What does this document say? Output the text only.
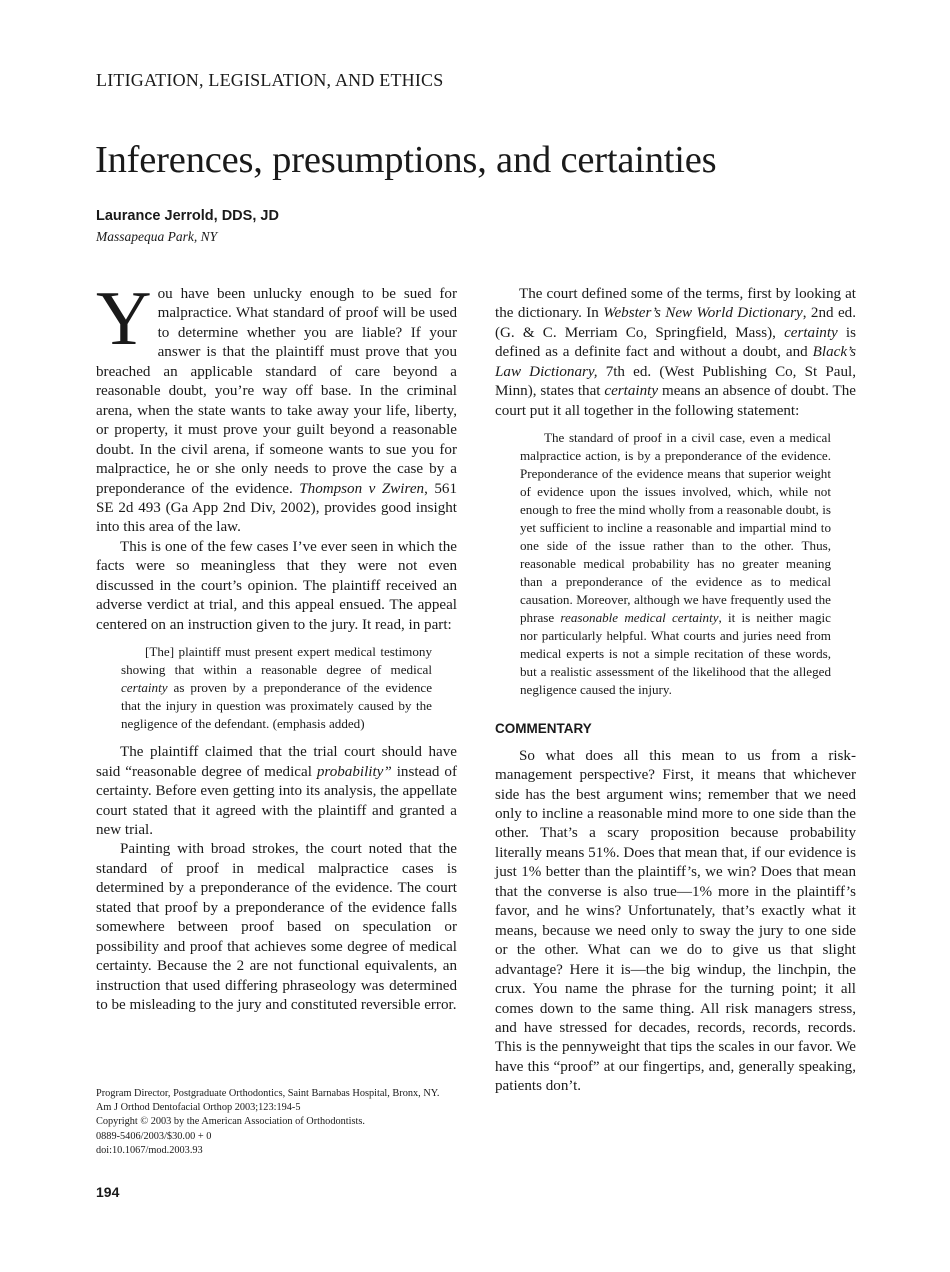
LITIGATION, LEGISLATION, AND ETHICS
Inferences, presumptions, and certainties
Laurance Jerrold, DDS, JD
Massapequa Park, NY

You have been unlucky enough to be sued for malpractice. What standard of proof will be used to determine whether you are liable? If your answer is that the plaintiff must prove that you breached an applicable standard of care beyond a reasonable doubt, you’re way off base. In the criminal arena, when the state wants to take away your life, liberty, or property, it must prove your guilt beyond a reasonable doubt. In the civil arena, if someone wants to sue you for malpractice, he or she only needs to prove the case by a preponderance of the evidence. Thompson v Zwiren, 561 SE 2d 493 (Ga App 2nd Div, 2002), provides good insight into this area of the law.

This is one of the few cases I’ve ever seen in which the facts were so meaningless that they were not even discussed in the court’s opinion. The plaintiff received an adverse verdict at trial, and this appeal ensued. The appeal centered on an instruction given to the jury. It read, in part:

[The] plaintiff must present expert medical testimony showing that within a reasonable degree of medical certainty as proven by a preponderance of the evidence that the injury in question was proximately caused by the negligence of the defendant. (emphasis added)

The plaintiff claimed that the trial court should have said “reasonable degree of medical probability” instead of certainty. Before even getting into its analysis, the appellate court stated that it agreed with the plaintiff and granted a new trial.

Painting with broad strokes, the court noted that the standard of proof in medical malpractice cases is determined by a preponderance of the evidence. The court stated that proof by a preponderance of the evidence falls somewhere between proof based on speculation or possibility and proof that achieves some degree of medical certainty. Because the 2 are not functional equivalents, an instruction that used differing phraseology was determined to be misleading to the jury and constituted reversible error.

The court defined some of the terms, first by looking at the dictionary. In Webster’s New World Dictionary, 2nd ed. (G. & C. Merriam Co, Springfield, Mass), certainty is defined as a definite fact and without a doubt, and Black’s Law Dictionary, 7th ed. (West Publishing Co, St Paul, Minn), states that certainty means an absence of doubt. The court put it all together in the following statement:

The standard of proof in a civil case, even a medical malpractice action, is by a preponderance of the evidence. Preponderance of the evidence means that superior weight of evidence upon the issues involved, which, while not enough to free the mind wholly from a reasonable doubt, is yet sufficient to incline a reasonable and impartial mind to one side of the issue rather than to the other. Thus, reasonable medical probability has no greater meaning than a preponderance of the evidence as to medical causation. Moreover, although we have frequently used the phrase reasonable medical certainty, it is neither magic nor particularly helpful. What courts and juries need from medical experts is not a simple recitation of these words, but a realistic assessment of the likelihood that the alleged negligence caused the injury.
COMMENTARY

So what does all this mean to us from a risk-management perspective? First, it means that whichever side has the best argument wins; remember that we need only to incline a reasonable mind more to one side than the other. That’s a scary proposition because probability literally means 51%. Does that mean that, if our evidence is just 1% better than the plaintiff’s, we win? Does that mean that the converse is also true—1% more in the plaintiff’s favor, and he wins? Unfortunately, that’s exactly what it means, because we need only to sway the jury to one side or the other. What can we do to give us that slight advantage? Here it is—the big windup, the linchpin, the crux. You name the phrase for the turning point; it all comes down to the same thing. All risk managers stress, and have stressed for decades, records, records, records. This is the pennyweight that tips the scales in our favor. We have this “proof” at our fingertips, and, generally speaking, patients don’t.

Program Director, Postgraduate Orthodontics, Saint Barnabas Hospital, Bronx, NY.
Am J Orthod Dentofacial Orthop 2003;123:194-5
Copyright © 2003 by the American Association of Orthodontists.
0889-5406/2003/$30.00 + 0
doi:10.1067/mod.2003.93
194
